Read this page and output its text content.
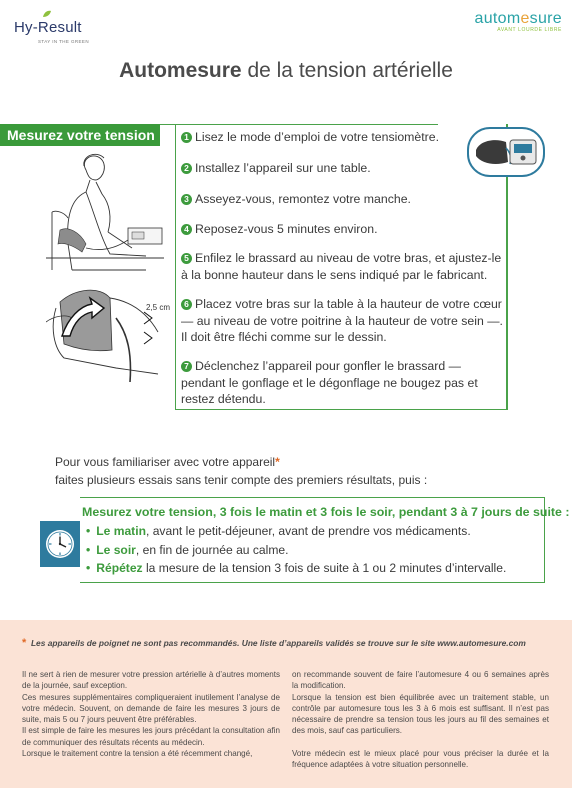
Hy-Result
STAY IN THE GREEN
automesure
AVANT LOURDE LIBRE
Automesure de la tension artérielle
Mesurez votre tension	1 Lisez le mode d’emploi de votre tensiomètre.
2 Installez l’appareil sur une table.
3 Asseyez-vous, remontez votre manche.
4 Reposez-vous 5 minutes environ.
5 Enfilez le brassard au niveau de votre bras, et ajustez-le à la bonne hauteur dans le sens indiqué par le fabricant.
6 Placez votre bras sur la table à la hauteur de votre cœur — au niveau de votre poitrine à la hauteur de votre sein —. Il doit être fléchi comme sur le dessin.
7 Déclenchez l’appareil pour gonfler le brassard — pendant le gonflage et le dégonflage ne bougez pas et restez détendu.
2,5 cm
Pour vous familiariser avec votre appareil*
faites plusieurs essais sans tenir compte des premiers résultats, puis :
Mesurez votre tension, 3 fois le matin et 3 fois le soir, pendant 3 à 7 jours de suite :
• Le matin, avant le petit-déjeuner, avant de prendre vos médicaments.
• Le soir, en fin de journée au calme.
• Répétez la mesure de la tension 3 fois de suite à 1 ou 2 minutes d’intervalle.
* Les appareils de poignet ne sont pas recommandés. Une liste d’appareils validés se trouve sur le site www.automesure.com

Il ne sert à rien de mesurer votre pression artérielle à d’autres moments de la journée, sauf exception.

Ces mesures supplémentaires compliqueraient inutilement l’analyse de votre médecin. Souvent, on demande de faire les mesures 3 jours de suite, mais 5 ou 7 jours peuvent être préférables.

Il est simple de faire les mesures les jours précédant la consultation afin de communiquer des résultats récents au médecin.

Lorsque le traitement contre la tension a été récemment changé,

on recommande souvent de faire l’automesure 4 ou 6 semaines après la modification.

Lorsque la tension est bien équilibrée avec un traitement stable, un contrôle par automesure tous les 3 à 6 mois est suffisant. Il n’est pas nécessaire de prendre sa tension tous les jours au fil des semaines et des mois, sauf cas particuliers.

Votre médecin est le mieux placé pour vous préciser la durée et la fréquence adaptées à votre situation personnelle.
